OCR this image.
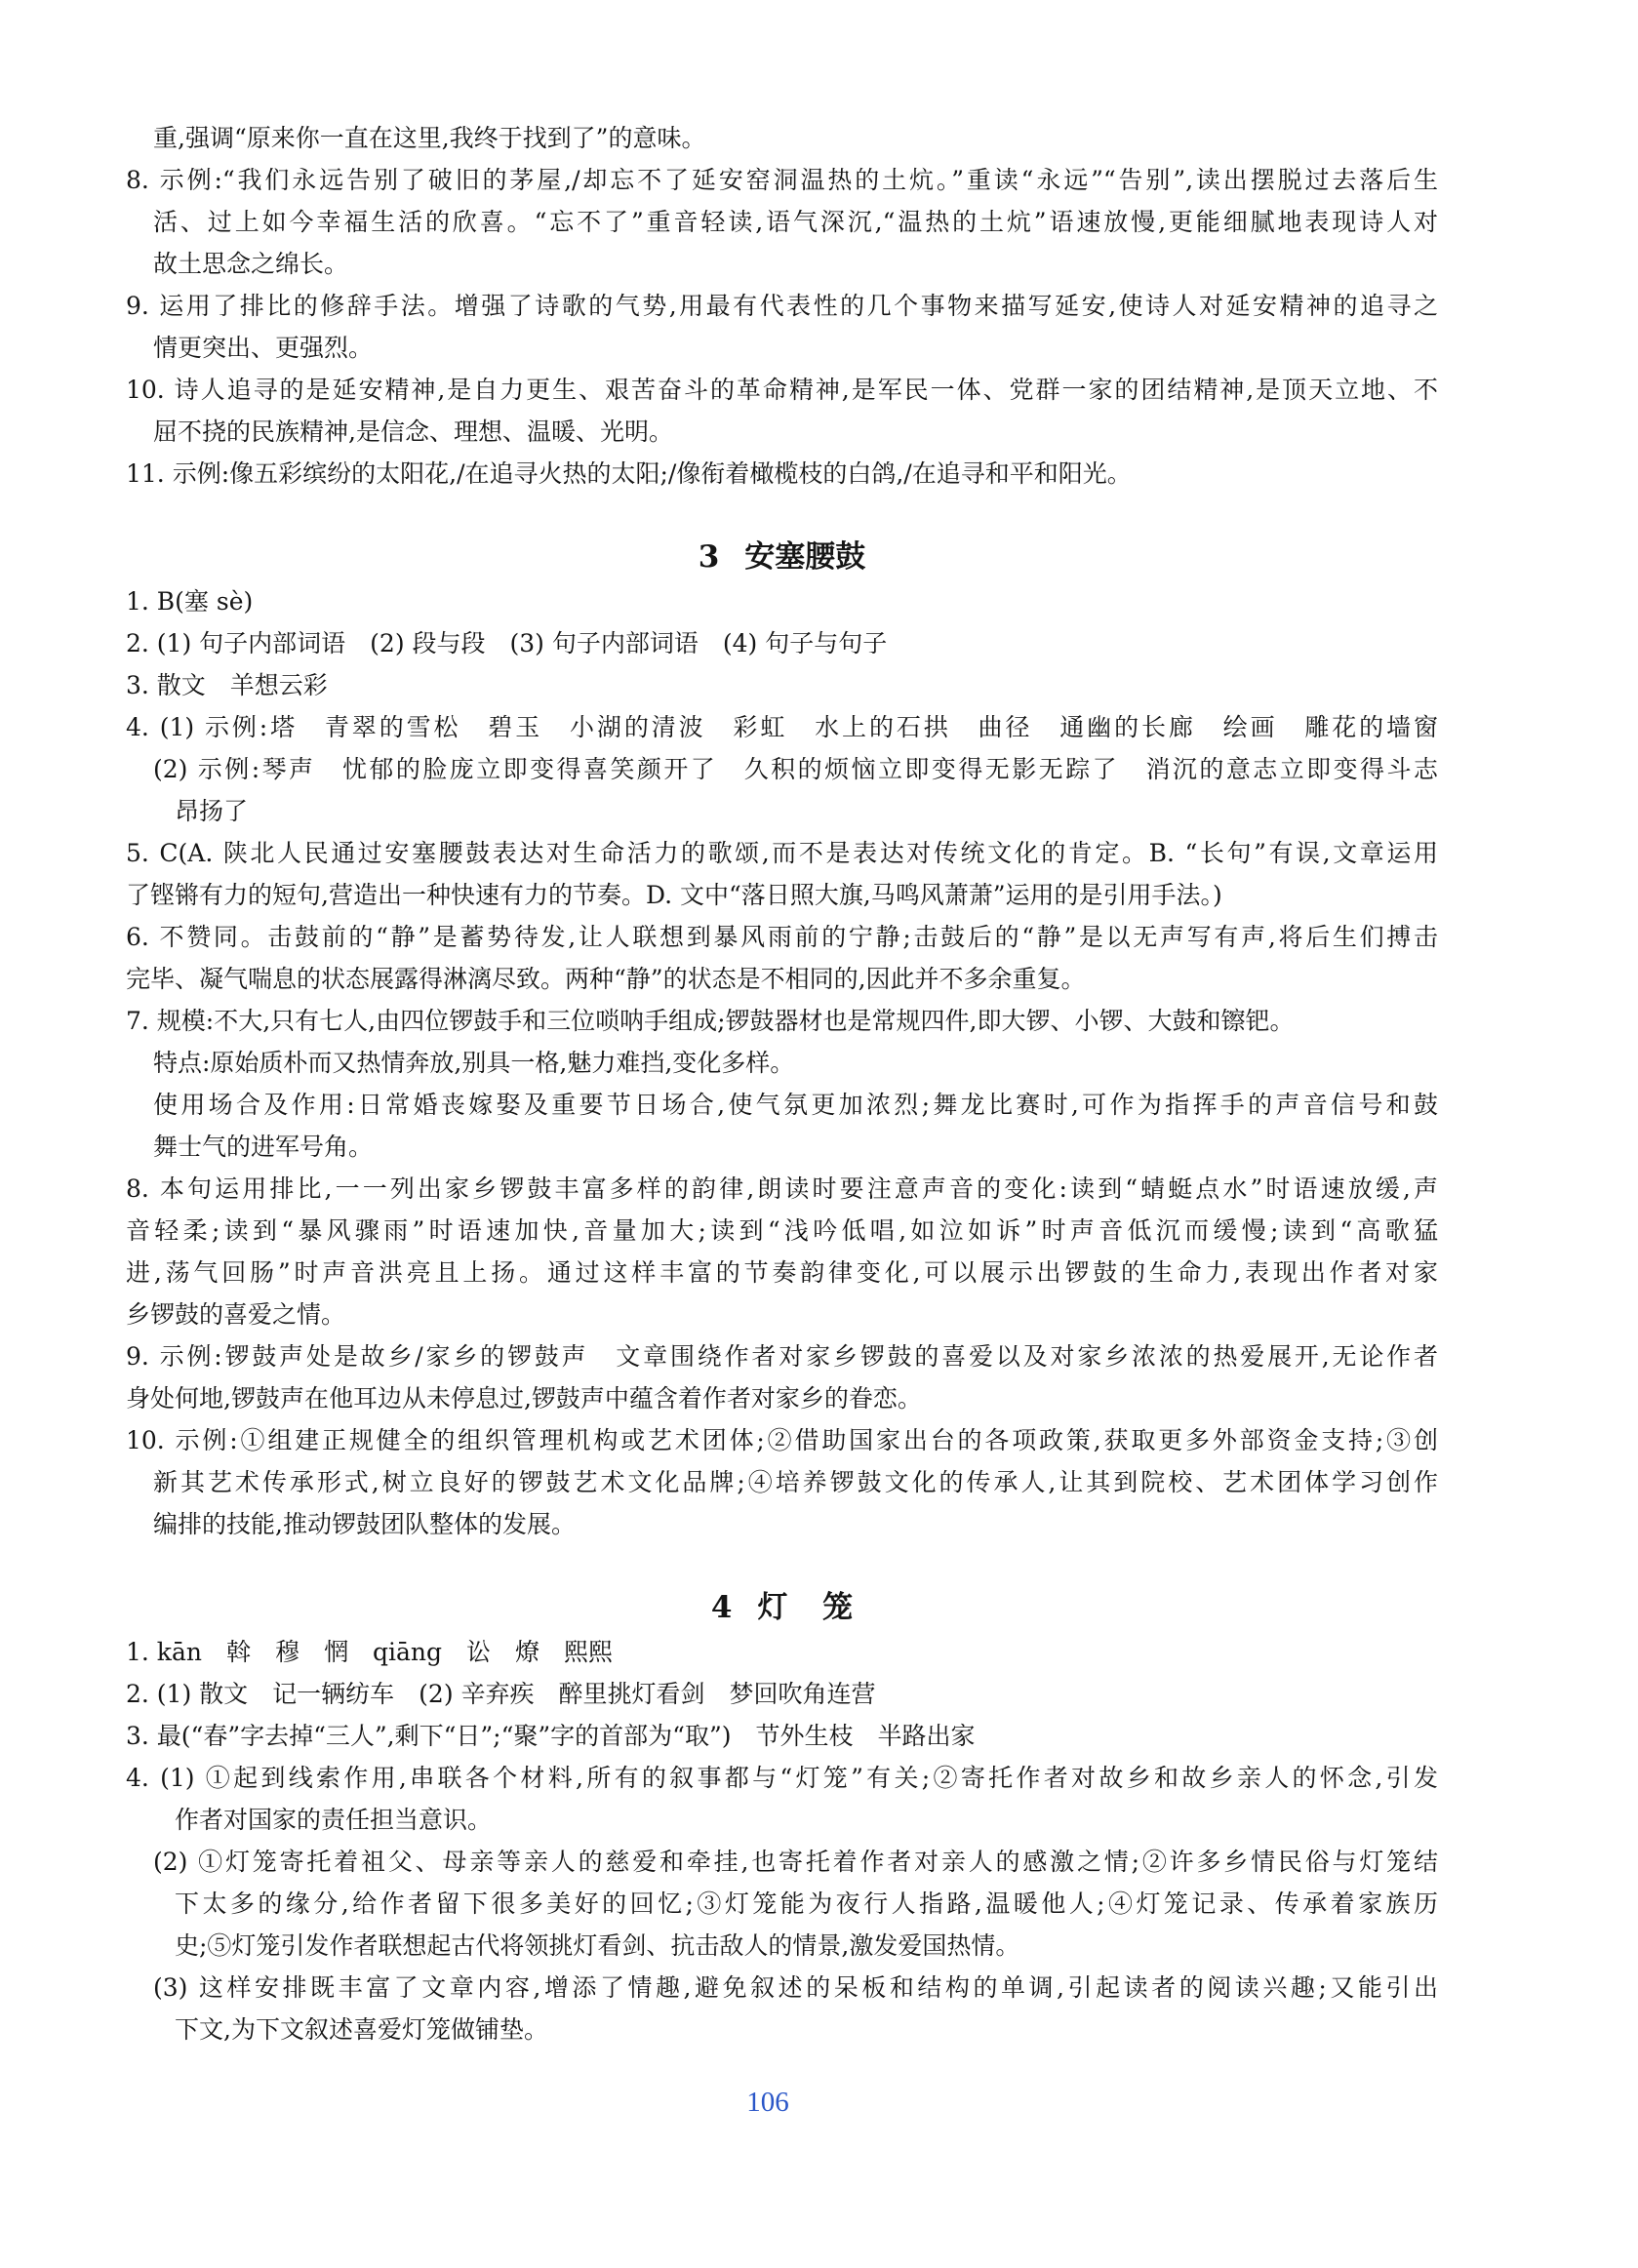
重,强调“原来你一直在这里,我终于找到了”的意味。
8. 示例:“我们永远告别了破旧的茅屋,/却忘不了延安窑洞温热的土炕。”重读“永远”“告别”,读出摆脱过去落后生
活、过上如今幸福生活的欣喜。“忘不了”重音轻读,语气深沉,“温热的土炕”语速放慢,更能细腻地表现诗人对
故土思念之绵长。
9. 运用了排比的修辞手法。增强了诗歌的气势,用最有代表性的几个事物来描写延安,使诗人对延安精神的追寻之
情更突出、更强烈。
10. 诗人追寻的是延安精神,是自力更生、艰苦奋斗的革命精神,是军民一体、党群一家的团结精神,是顶天立地、不
屈不挠的民族精神,是信念、理想、温暖、光明。
11. 示例:像五彩缤纷的太阳花,/在追寻火热的太阳;/像衔着橄榄枝的白鸽,/在追寻和平和阳光。
3 安塞腰鼓
1. B(塞 sè)
2. (1) 句子内部词语　(2) 段与段　(3) 句子内部词语　(4) 句子与句子
3. 散文　羊想云彩
4. (1) 示例:塔　青翠的雪松　碧玉　小湖的清波　彩虹　水上的石拱　曲径　通幽的长廊　绘画　雕花的墙窗
(2) 示例:琴声　忧郁的脸庞立即变得喜笑颜开了　久积的烦恼立即变得无影无踪了　消沉的意志立即变得斗志
昂扬了
5. C(A. 陕北人民通过安塞腰鼓表达对生命活力的歌颂,而不是表达对传统文化的肯定。B. “长句”有误,文章运用
了铿锵有力的短句,营造出一种快速有力的节奏。D. 文中“落日照大旗,马鸣风萧萧”运用的是引用手法。)
6. 不赞同。击鼓前的“静”是蓄势待发,让人联想到暴风雨前的宁静;击鼓后的“静”是以无声写有声,将后生们搏击
完毕、凝气喘息的状态展露得淋漓尽致。两种“静”的状态是不相同的,因此并不多余重复。
7. 规模:不大,只有七人,由四位锣鼓手和三位唢呐手组成;锣鼓器材也是常规四件,即大锣、小锣、大鼓和镲钯。
特点:原始质朴而又热情奔放,别具一格,魅力难挡,变化多样。
使用场合及作用:日常婚丧嫁娶及重要节日场合,使气氛更加浓烈;舞龙比赛时,可作为指挥手的声音信号和鼓
舞士气的进军号角。
8. 本句运用排比,一一列出家乡锣鼓丰富多样的韵律,朗读时要注意声音的变化:读到“蜻蜓点水”时语速放缓,声
音轻柔;读到“暴风骤雨”时语速加快,音量加大;读到“浅吟低唱,如泣如诉”时声音低沉而缓慢;读到“高歌猛
进,荡气回肠”时声音洪亮且上扬。通过这样丰富的节奏韵律变化,可以展示出锣鼓的生命力,表现出作者对家
乡锣鼓的喜爱之情。
9. 示例:锣鼓声处是故乡/家乡的锣鼓声　文章围绕作者对家乡锣鼓的喜爱以及对家乡浓浓的热爱展开,无论作者
身处何地,锣鼓声在他耳边从未停息过,锣鼓声中蕴含着作者对家乡的眷恋。
10. 示例:①组建正规健全的组织管理机构或艺术团体;②借助国家出台的各项政策,获取更多外部资金支持;③创
新其艺术传承形式,树立良好的锣鼓艺术文化品牌;④培养锣鼓文化的传承人,让其到院校、艺术团体学习创作
编排的技能,推动锣鼓团队整体的发展。
4 灯 笼
1. kān　斡　穆　惘　qiāng　讼　燎　熙熙
2. (1) 散文　记一辆纺车　(2) 辛弃疾　醉里挑灯看剑　梦回吹角连营
3. 最(“春”字去掉“三人”,剩下“日”;“聚”字的首部为“取”)　节外生枝　半路出家
4. (1) ①起到线索作用,串联各个材料,所有的叙事都与“灯笼”有关;②寄托作者对故乡和故乡亲人的怀念,引发
作者对国家的责任担当意识。
(2) ①灯笼寄托着祖父、母亲等亲人的慈爱和牵挂,也寄托着作者对亲人的感激之情;②许多乡情民俗与灯笼结
下太多的缘分,给作者留下很多美好的回忆;③灯笼能为夜行人指路,温暖他人;④灯笼记录、传承着家族历
史;⑤灯笼引发作者联想起古代将领挑灯看剑、抗击敌人的情景,激发爱国热情。
(3) 这样安排既丰富了文章内容,增添了情趣,避免叙述的呆板和结构的单调,引起读者的阅读兴趣;又能引出
下文,为下文叙述喜爱灯笼做铺垫。
106
